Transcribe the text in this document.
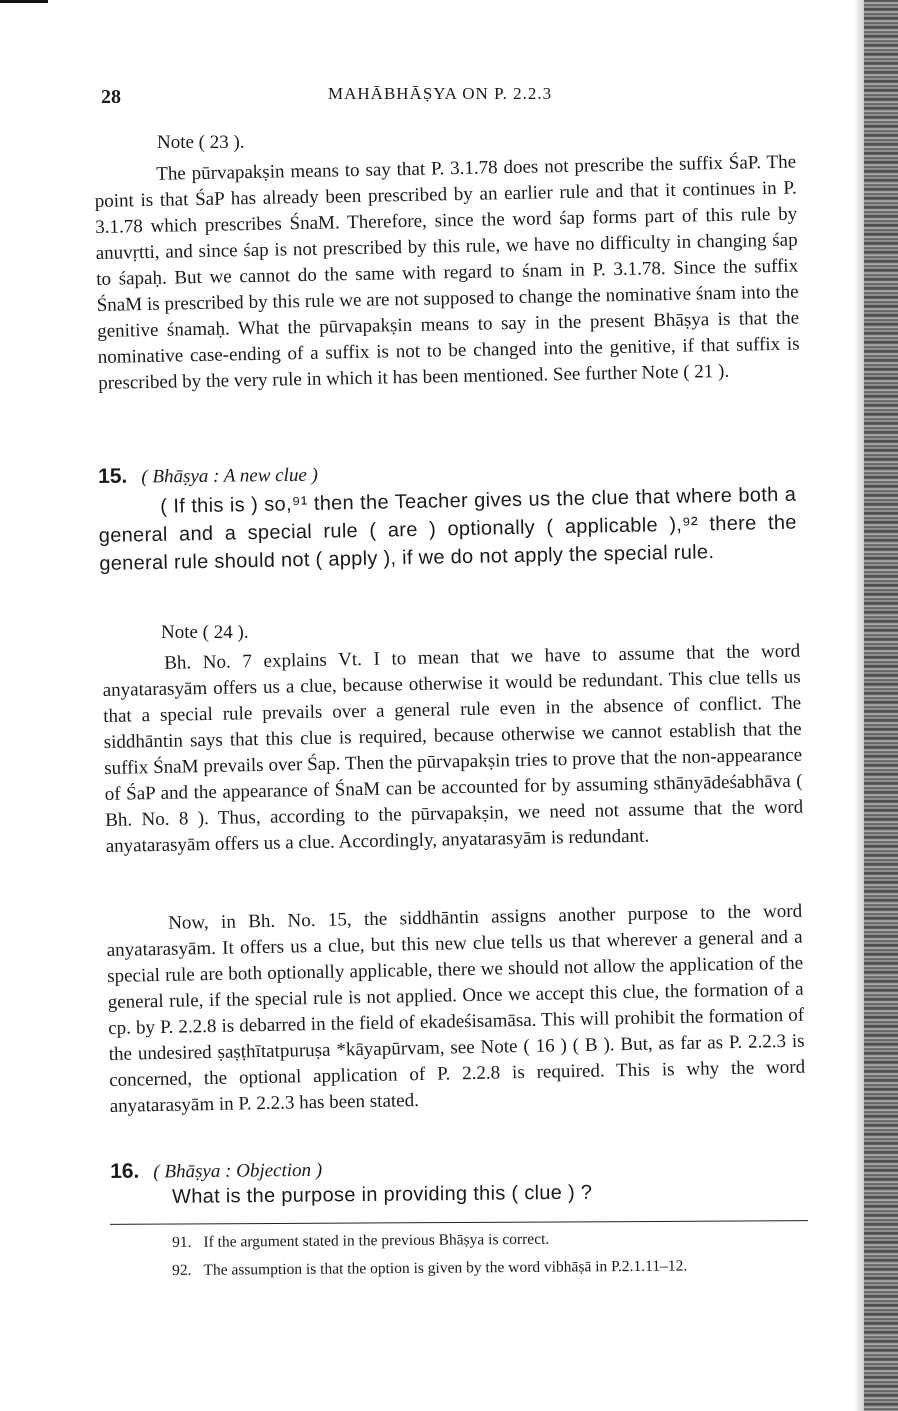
28	MAHĀBHĀṢYA ON P. 2.2.3
Note ( 23 ).

The pūrvapakṣin means to say that P. 3.1.78 does not prescribe the suffix ŚaP. The point is that ŚaP has already been prescribed by an earlier rule and that it continues in P. 3.1.78 which prescribes ŚnaM. Therefore, since the word śap forms part of this rule by anuvṛtti, and since śap is not prescribed by this rule, we have no difficulty in changing śap to śapaḥ. But we cannot do the same with regard to śnam in P. 3.1.78. Since the suffix ŚnaM is prescribed by this rule we are not supposed to change the nominative śnam into the genitive śnamaḥ. What the pūrvapakṣin means to say in the present Bhāṣya is that the nominative case-ending of a suffix is not to be changed into the genitive, if that suffix is prescribed by the very rule in which it has been mentioned. See further Note ( 21 ).

15. ( Bhāṣya : A new clue )

( If this is ) so,⁹¹ then the Teacher gives us the clue that where both a general and a special rule ( are ) optionally ( applicable ),⁹² there the general rule should not ( apply ), if we do not apply the special rule.

Note ( 24 ).

Bh. No. 7 explains Vt. I to mean that we have to assume that the word anyatarasyām offers us a clue, because otherwise it would be redundant. This clue tells us that a special rule prevails over a general rule even in the absence of conflict. The siddhāntin says that this clue is required, because otherwise we cannot establish that the suffix ŚnaM prevails over Śap. Then the pūrvapakṣin tries to prove that the non-appearance of ŚaP and the appearance of ŚnaM can be accounted for by assuming sthānyādeśabhāva ( Bh. No. 8 ). Thus, according to the pūrvapakṣin, we need not assume that the word anyatarasyām offers us a clue. Accordingly, anyatarasyām is redundant.

Now, in Bh. No. 15, the siddhāntin assigns another purpose to the word anyatarasyām. It offers us a clue, but this new clue tells us that wherever a general and a special rule are both optionally applicable, there we should not allow the application of the general rule, if the special rule is not applied. Once we accept this clue, the formation of a cp. by P. 2.2.8 is debarred in the field of ekadeśisamāsa. This will prohibit the formation of the undesired ṣaṣṭhītatpuruṣa *kāyapūrvam, see Note ( 16 ) ( B ). But, as far as P. 2.2.3 is concerned, the optional application of P. 2.2.8 is required. This is why the word anyatarasyām in P. 2.2.3 has been stated.

16. ( Bhāṣya : Objection )
What is the purpose in providing this ( clue ) ?
91. If the argument stated in the previous Bhāṣya is correct.
92. The assumption is that the option is given by the word vibhāṣā in P.2.1.11–12.
